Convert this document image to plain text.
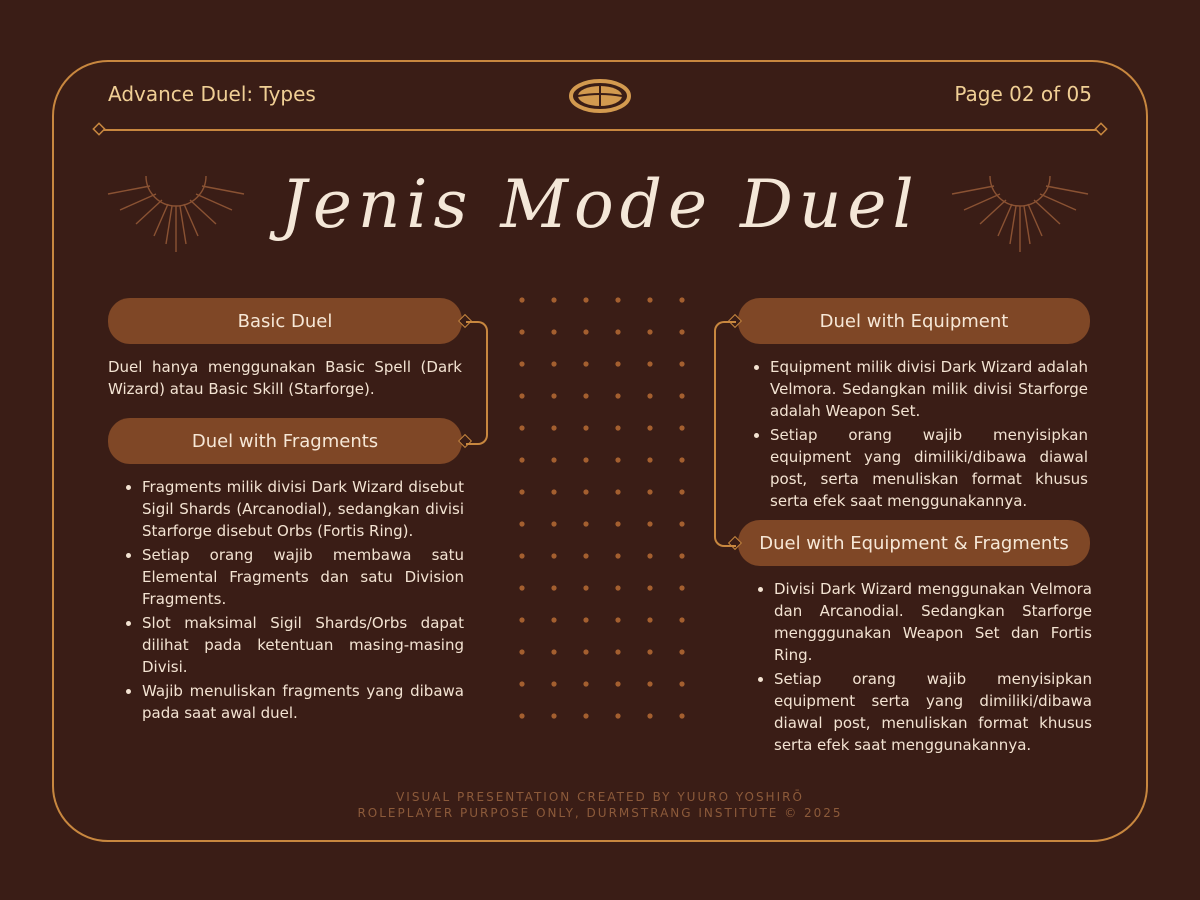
Advance Duel: Types	Page 02 of 05
Jenis Mode Duel
Basic Duel
Duel hanya menggunakan Basic Spell (Dark Wizard) atau Basic Skill (Starforge).
Duel with Fragments
• Fragments milik divisi Dark Wizard disebut Sigil Shards (Arcanodial), sedangkan divisi Starforge disebut Orbs (Fortis Ring).
• Setiap orang wajib membawa satu Elemental Fragments dan satu Division Fragments.
• Slot maksimal Sigil Shards/Orbs dapat dilihat pada ketentuan masing-masing Divisi.
• Wajib menuliskan fragments yang dibawa pada saat awal duel.
Duel with Equipment
• Equipment milik divisi Dark Wizard adalah Velmora. Sedangkan milik divisi Starforge adalah Weapon Set.
• Setiap orang wajib menyisipkan equipment yang dimiliki/dibawa diawal post, serta menuliskan format khusus serta efek saat menggunakannya.
Duel with Equipment & Fragments
• Divisi Dark Wizard menggunakan Velmora dan Arcanodial. Sedangkan Starforge mengggunakan Weapon Set dan Fortis Ring.
• Setiap orang wajib menyisipkan equipment serta yang dimiliki/dibawa diawal post, menuliskan format khusus serta efek saat menggunakannya.
VISUAL PRESENTATION CREATED BY YUURO YOSHIRŌ
ROLEPLAYER PURPOSE ONLY, DURMSTRANG INSTITUTE © 2025
